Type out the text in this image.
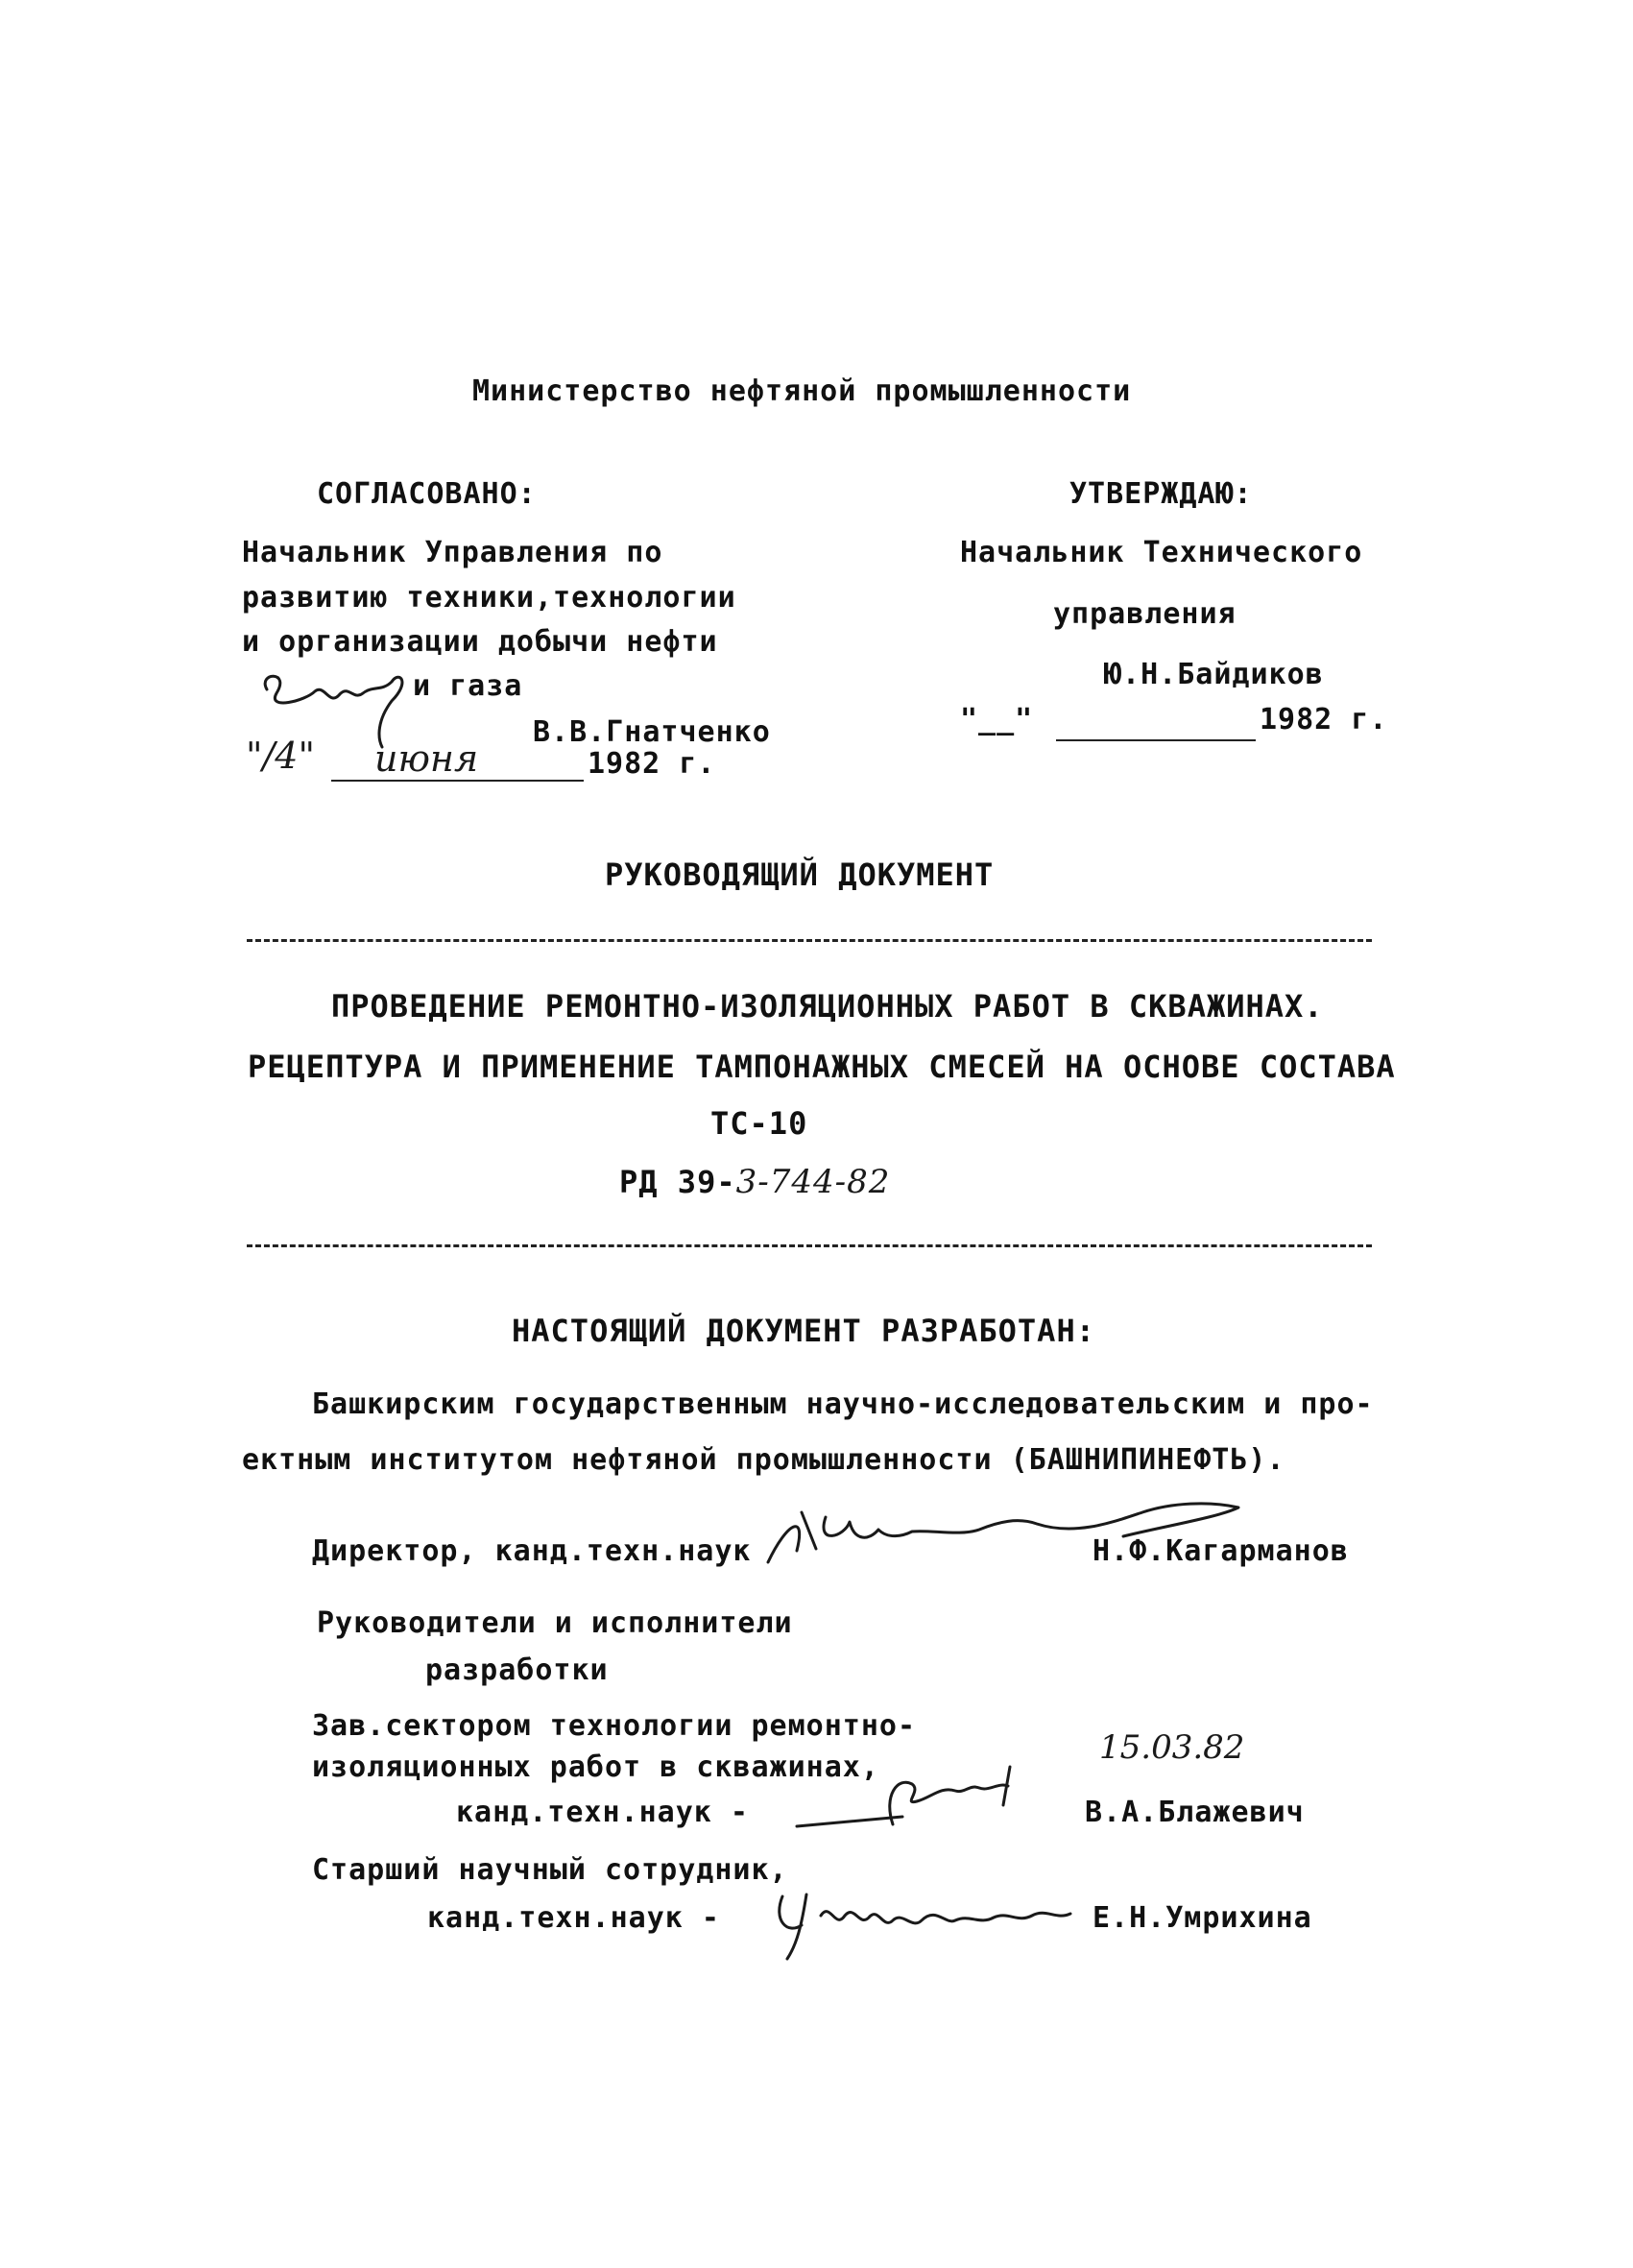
Министерство нефтяной промышленности
СОГЛАСОВАНО:
Начальник Управления по
развитию техники,технологии
и организации добычи нефти
и газа
В.В.Гнатченко
"/4" июня	1982 г.
УТВЕРЖДАЮ:
Начальник Технического
управления
Ю.Н.Байдиков
"__"	1982 г.
РУКОВОДЯЩИЙ ДОКУМЕНТ
ПРОВЕДЕНИЕ РЕМОНТНО-ИЗОЛЯЦИОННЫХ РАБОТ В СКВАЖИНАХ.
РЕЦЕПТУРА И ПРИМЕНЕНИЕ ТАМПОНАЖНЫХ СМЕСЕЙ НА ОСНОВЕ СОСТАВА
ТС-10
РД 39-3-744-82
НАСТОЯЩИЙ ДОКУМЕНТ РАЗРАБОТАН:
Башкирским государственным научно-исследовательским и про-
ектным институтом нефтяной промышленности (БАШНИПИНЕФТЬ).
Директор, канд.техн.наук	Н.Ф.Кагарманов
Руководители и исполнители
разработки
Зав.сектором технологии ремонтно-
изоляционных работ в скважинах,
канд.техн.наук -
15.03.82
В.А.Блажевич
Старший научный сотрудник,
канд.техн.наук -	Е.Н.Умрихина
